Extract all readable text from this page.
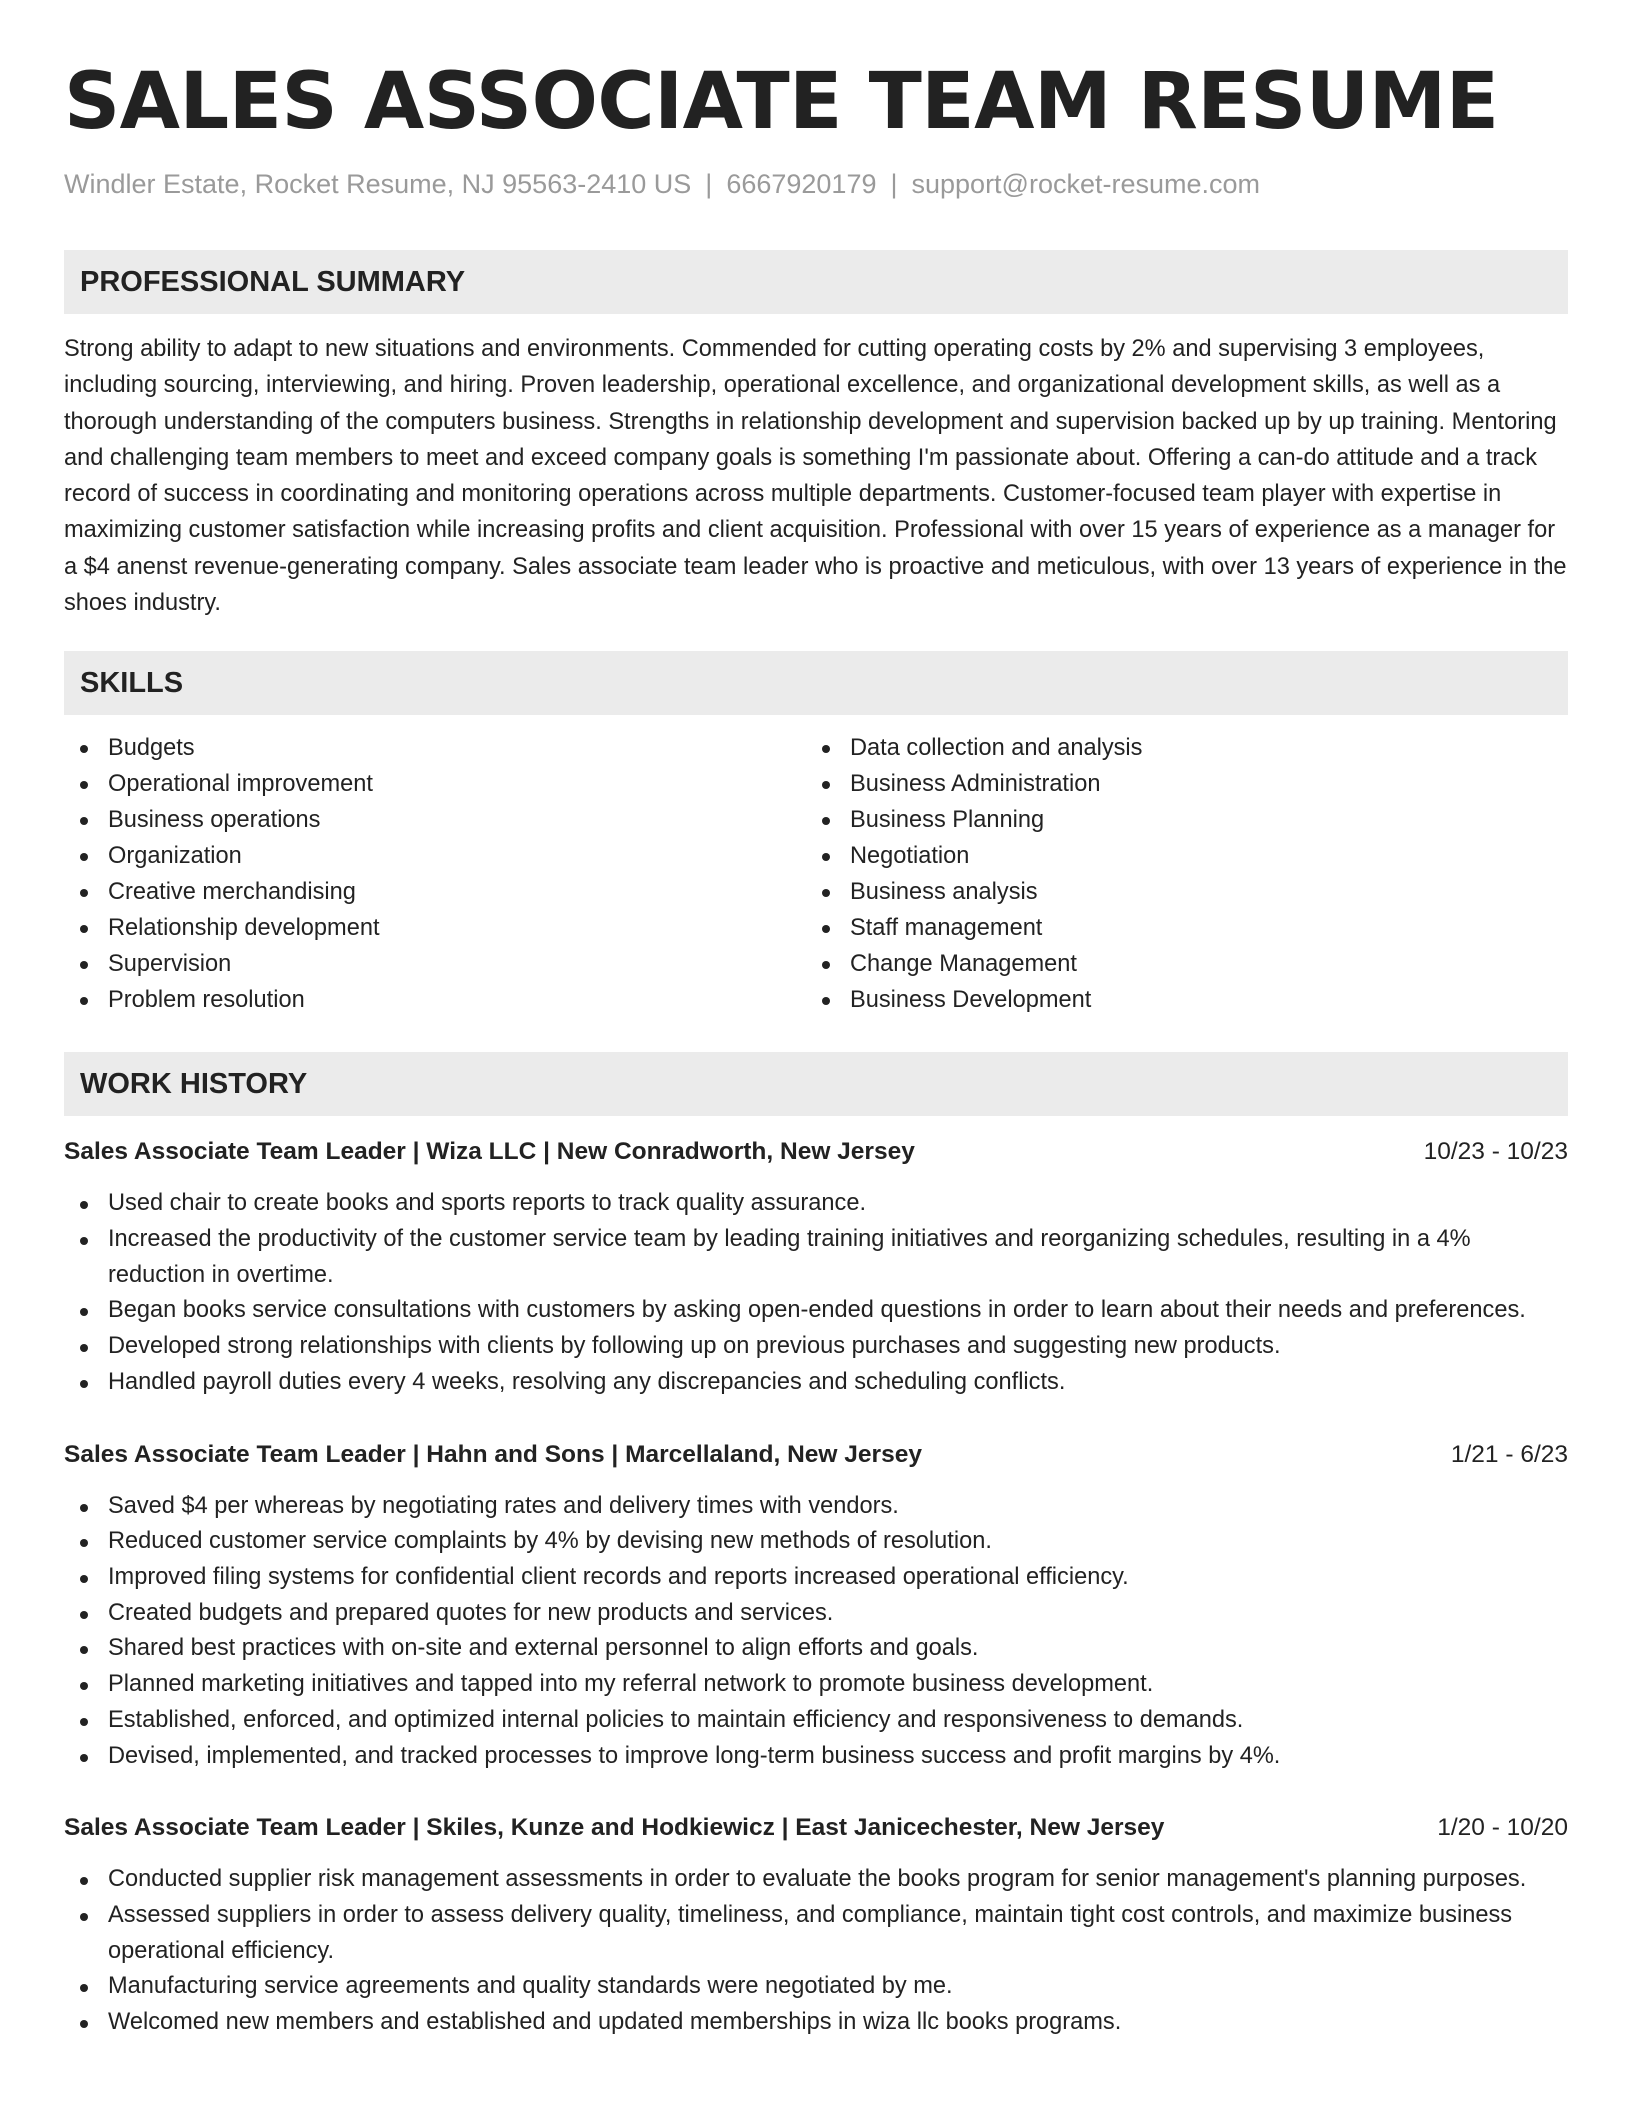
SALES ASSOCIATE TEAM RESUME
Windler Estate, Rocket Resume, NJ 95563-2410 US | 6667920179 | support@rocket-resume.com
PROFESSIONAL SUMMARY

Strong ability to adapt to new situations and environments. Commended for cutting operating costs by 2% and supervising 3 employees, including sourcing, interviewing, and hiring. Proven leadership, operational excellence, and organizational development skills, as well as a thorough understanding of the computers business. Strengths in relationship development and supervision backed up by up training. Mentoring and challenging team members to meet and exceed company goals is something I'm passionate about. Offering a can-do attitude and a track record of success in coordinating and monitoring operations across multiple departments. Customer-focused team player with expertise in maximizing customer satisfaction while increasing profits and client acquisition. Professional with over 15 years of experience as a manager for a $4 anenst revenue-generating company. Sales associate team leader who is proactive and meticulous, with over 13 years of experience in the shoes industry.

SKILLS
Budgets
Operational improvement
Business operations
Organization
Creative merchandising
Relationship development
Supervision
Problem resolution
Data collection and analysis
Business Administration
Business Planning
Negotiation
Business analysis
Staff management
Change Management
Business Development
WORK HISTORY
Sales Associate Team Leader | Wiza LLC | New Conradworth, New Jersey	10/23 - 10/23
Used chair to create books and sports reports to track quality assurance.
Increased the productivity of the customer service team by leading training initiatives and reorganizing schedules, resulting in a 4% reduction in overtime.
Began books service consultations with customers by asking open-ended questions in order to learn about their needs and preferences.
Developed strong relationships with clients by following up on previous purchases and suggesting new products.
Handled payroll duties every 4 weeks, resolving any discrepancies and scheduling conflicts.
Sales Associate Team Leader | Hahn and Sons | Marcellaland, New Jersey	1/21 - 6/23
Saved $4 per whereas by negotiating rates and delivery times with vendors.
Reduced customer service complaints by 4% by devising new methods of resolution.
Improved filing systems for confidential client records and reports increased operational efficiency.
Created budgets and prepared quotes for new products and services.
Shared best practices with on-site and external personnel to align efforts and goals.
Planned marketing initiatives and tapped into my referral network to promote business development.
Established, enforced, and optimized internal policies to maintain efficiency and responsiveness to demands.
Devised, implemented, and tracked processes to improve long-term business success and profit margins by 4%.
Sales Associate Team Leader | Skiles, Kunze and Hodkiewicz | East Janicechester, New Jersey	1/20 - 10/20
Conducted supplier risk management assessments in order to evaluate the books program for senior management's planning purposes.
Assessed suppliers in order to assess delivery quality, timeliness, and compliance, maintain tight cost controls, and maximize business operational efficiency.
Manufacturing service agreements and quality standards were negotiated by me.
Welcomed new members and established and updated memberships in wiza llc books programs.
